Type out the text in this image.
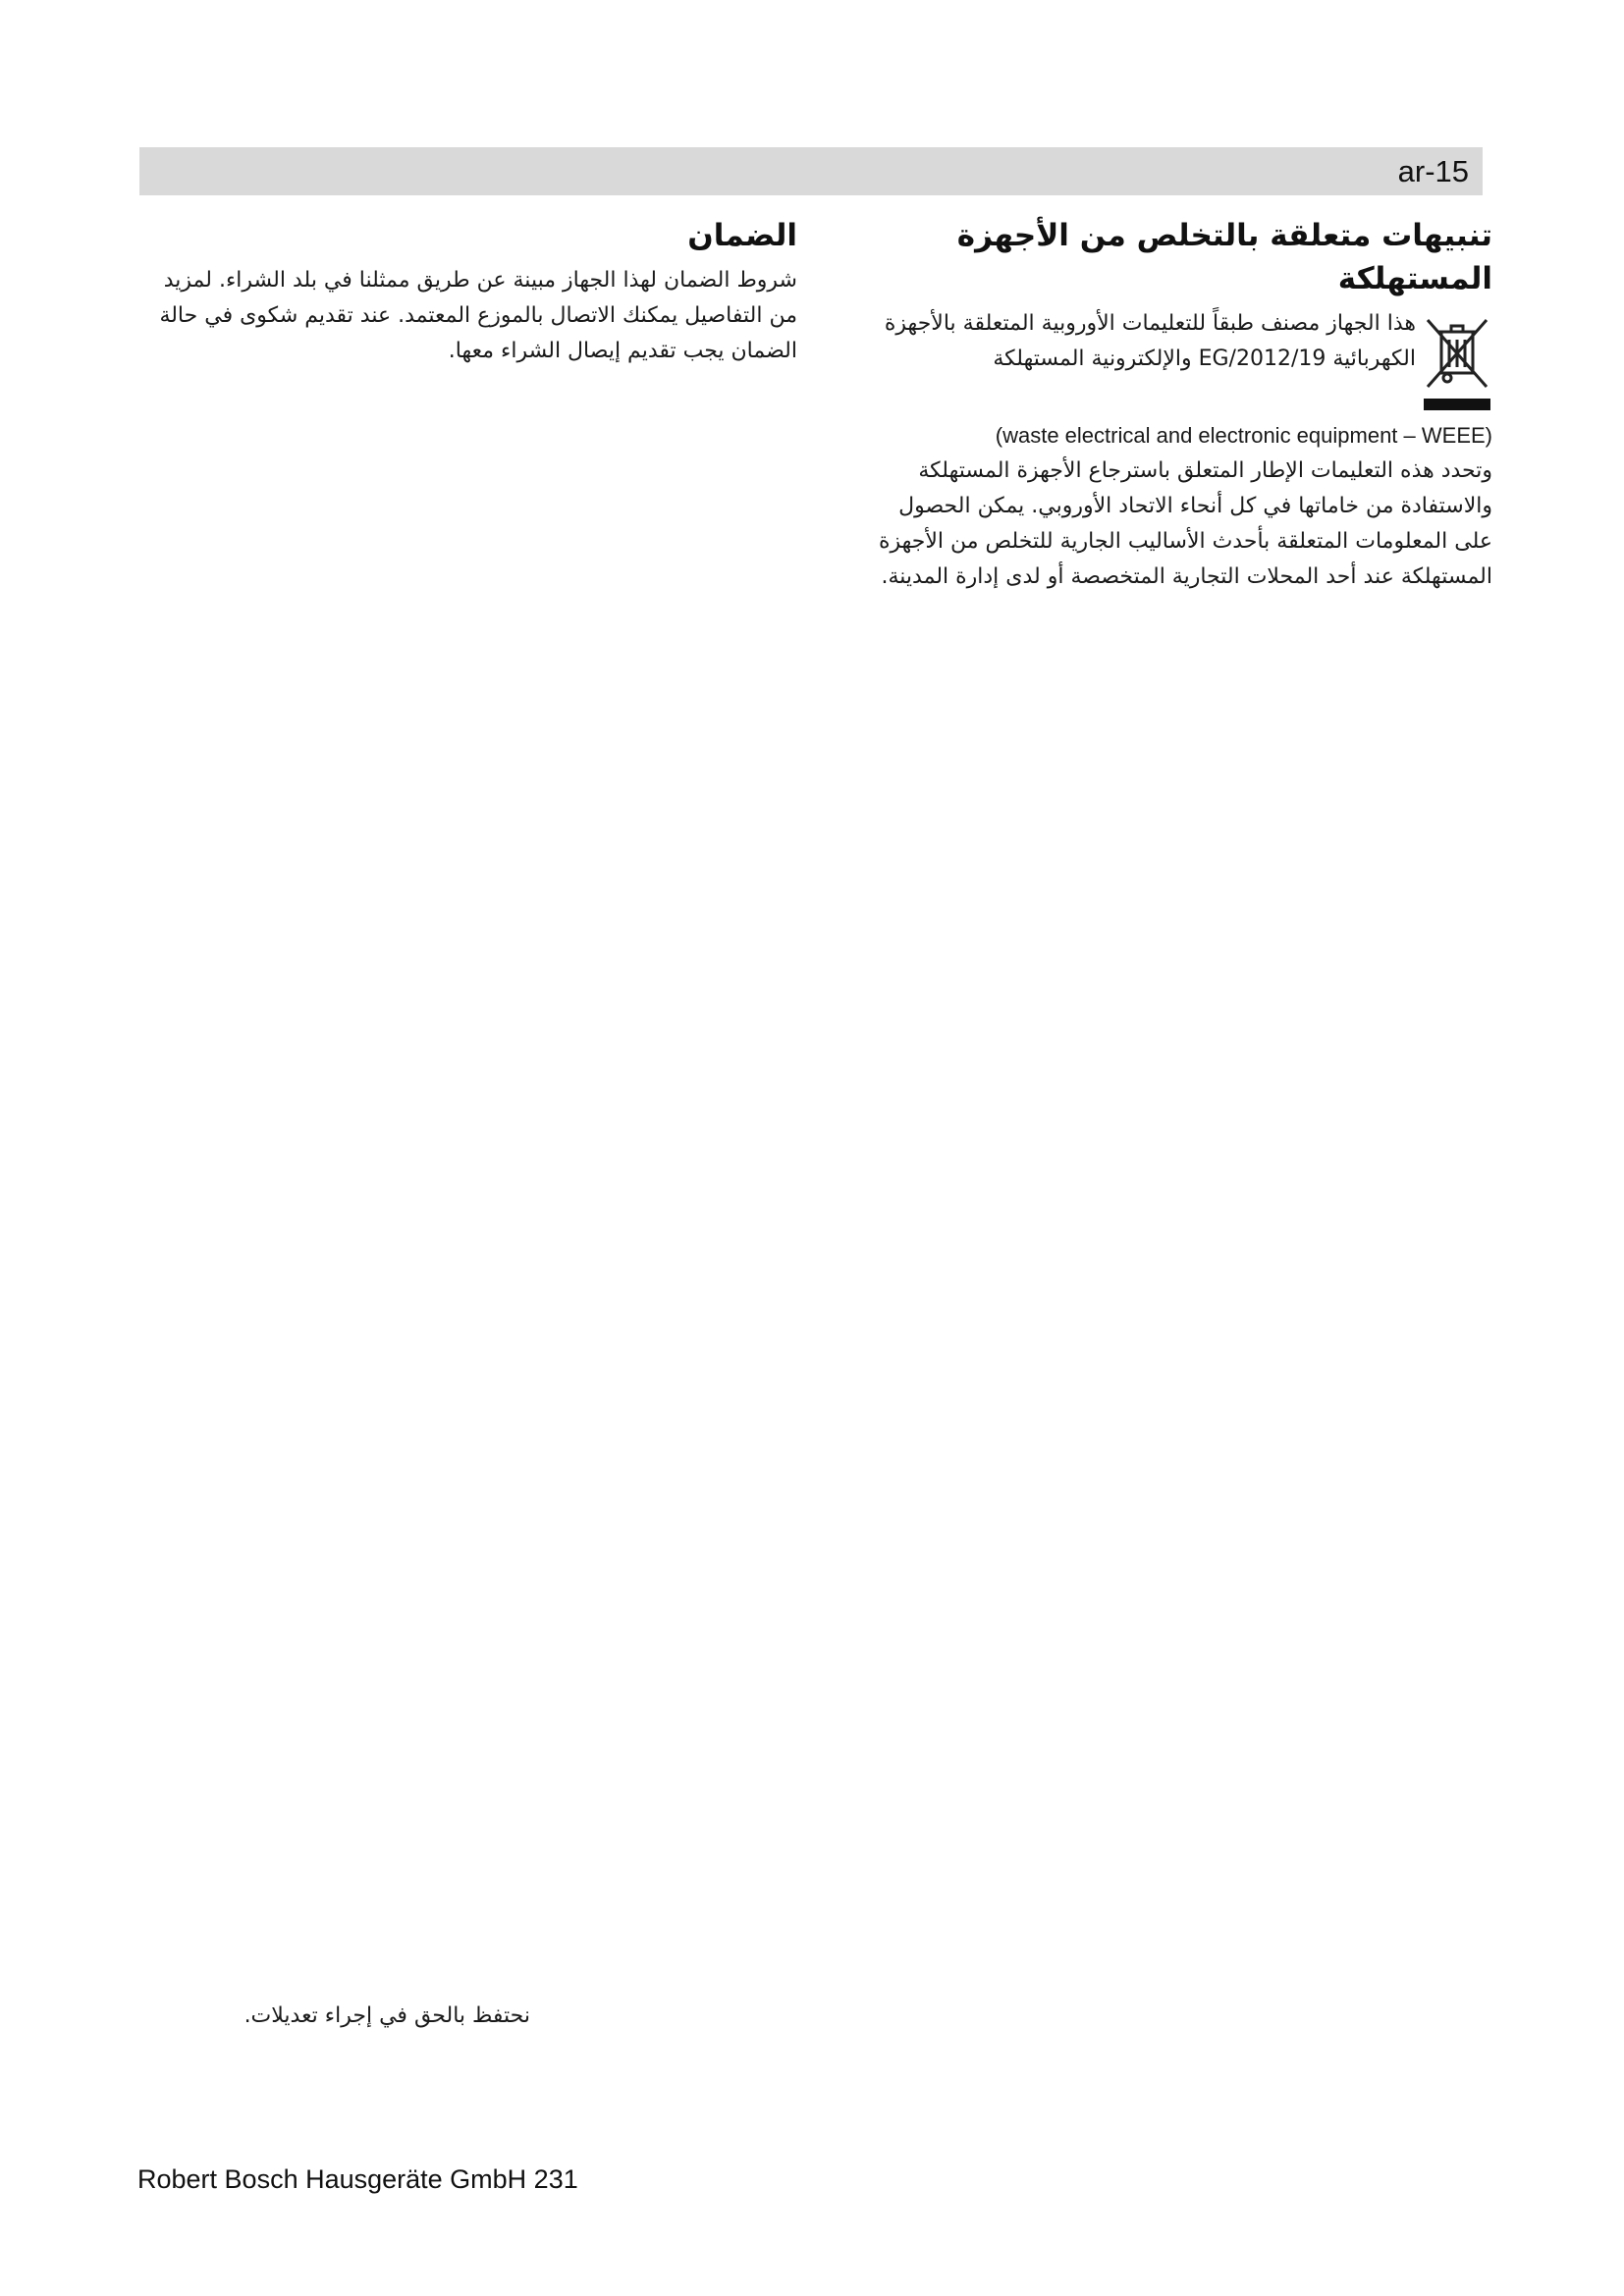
ar-15
تنبيهات متعلقة بالتخلص من الأجهزة المستهلكة

هذا الجهاز مصنف طبقاً للتعليمات الأوروبية المتعلقة بالأجهزة الكهربائية 2012/19/EG والإلكترونية المستهلكة

(waste electrical and electronic equipment – WEEE)

وتحدد هذه التعليمات الإطار المتعلق باسترجاع الأجهزة المستهلكة والاستفادة من خاماتها في كل أنحاء الاتحاد الأوروبي. يمكن الحصول على المعلومات المتعلقة بأحدث الأساليب الجارية للتخلص من الأجهزة المستهلكة عند أحد المحلات التجارية المتخصصة أو لدى إدارة المدينة.

الضمان

شروط الضمان لهذا الجهاز مبينة عن طريق ممثلنا في بلد الشراء. لمزيد من التفاصيل يمكنك الاتصال بالموزع المعتمد. عند تقديم شكوى في حالة الضمان يجب تقديم إيصال الشراء معها.

نحتفظ بالحق في إجراء تعديلات.
Robert Bosch Hausgeräte GmbH 231
